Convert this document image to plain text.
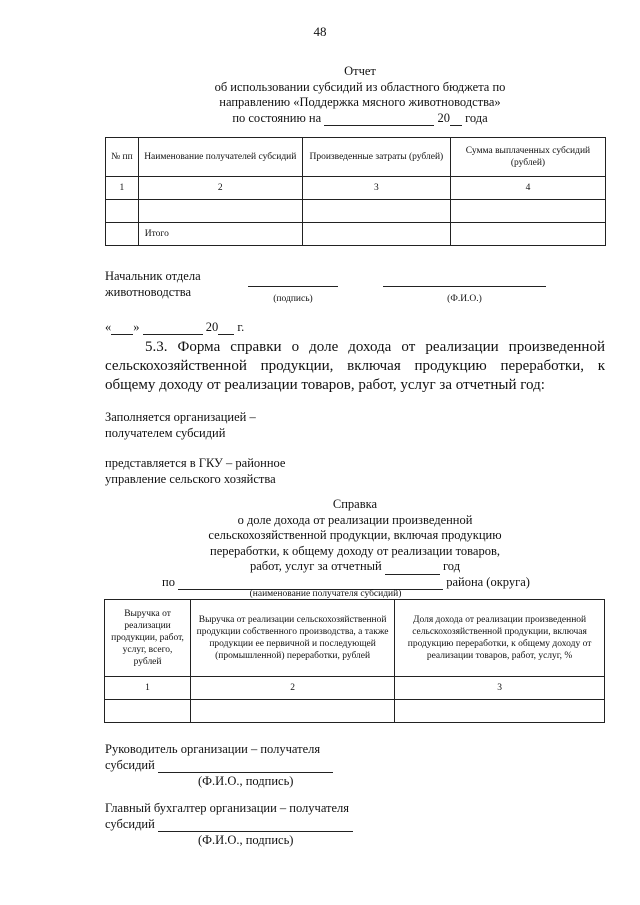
48
Отчет
об использовании субсидий из областного бюджета по
направлению «Поддержка мясного животноводства»
по состоянию на	20 года
№ пп	Наименование получателей субсидий	Произведенные затраты (рублей)	Сумма выплаченных субсидий (рублей)
1	2	3	4

	Итого		
Начальник отдела
животноводства	(подпись)	(Ф.И.О.)
« »	20 г.
5.3. Форма справки о доле дохода от реализации произведенной сельскохозяйственной продукции, включая продукцию переработки, к общему доходу от реализации товаров, работ, услуг за отчетный год:
Заполняется организацией –
получателем субсидий
представляется в ГКУ – районное
управление сельского хозяйства
Справка
о доле дохода от реализации произведенной
сельскохозяйственной продукции, включая продукцию
переработки, к общему доходу от реализации товаров,
работ, услуг за отчетный	год
по	района (округа)
(наименование получателя субсидий)
Выручка от реализации продукции, работ, услуг, всего, рублей	Выручка от реализации сельскохозяйственной продукции собственного производства, а также продукции ее первичной и последующей (промышленной) переработки, рублей	Доля дохода от реализации произведенной сельскохозяйственной продукции, включая продукцию переработки, к общему доходу от реализации товаров, работ, услуг, %
1	2	3

Руководитель организации – получателя
субсидий
(Ф.И.О., подпись)
Главный бухгалтер организации – получателя
субсидий
(Ф.И.О., подпись)
